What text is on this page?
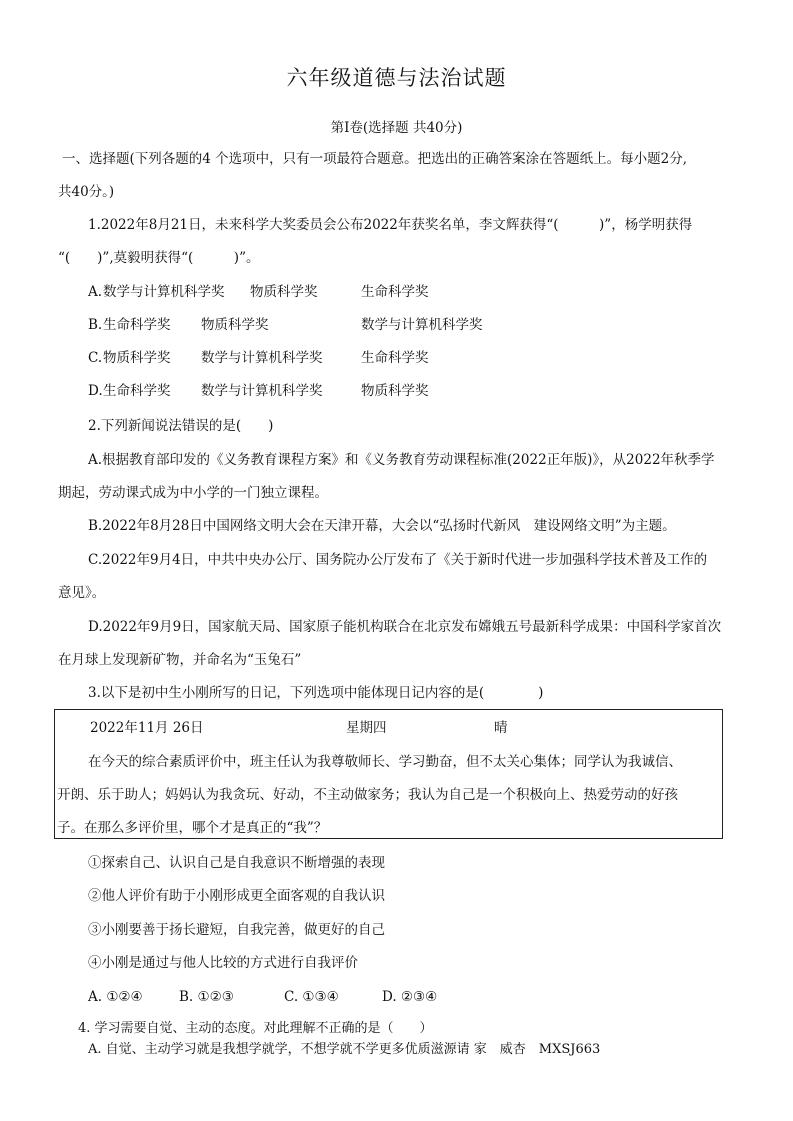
六年级道德与法治试题
第Ⅰ卷(选择题 共40分)
一、选择题(下列各题的4 个选项中，只有一项最符合题意。把选出的正确答案涂在答题纸上。每小题2分,
共40分。)
1.2022年8月21日，未来科学大奖委员会公布2022年获奖名单，李文辉获得“(　　　)”，杨学明获得
“(　　)”,莫毅明获得“(　　　)”。
A. 数学与计算机科学奖 物质科学奖	生命科学奖
B. 生命科学奖 物质科学奖	数学与计算机科学奖
C. 物质科学奖 数学与计算机科学奖	生命科学奖
D. 生命科学奖 数学与计算机科学奖	物质科学奖
2.下列新闻说法错误的是(　　)
A.根据教育部印发的《义务教育课程方案》和《义务教育劳动课程标准(2022正年版)》，从2022年秋季学
期起，劳动课式成为中小学的一门独立课程。
B.2022年8月28日中国网络文明大会在天津开幕，大会以“弘扬时代新风　建设网络文明”为主题。
C.2022年9月4日，中共中央办公厅、国务院办公厅发布了《关于新时代进一步加强科学技术普及工作的
意见》。
D.2022年9月9日，国家航天局、国家原子能机构联合在北京发布嫦娥五号最新科学成果：中国科学家首次
在月球上发现新矿物，并命名为“玉兔石”
3.以下是初中生小刚所写的日记，下列选项中能体现日记内容的是(　　　　)
2022年11月 26日	星期四	晴
在今天的综合素质评价中，班主任认为我尊敬师长、学习勤奋，但不太关心集体；同学认为我诚信、
开朗、乐于助人；妈妈认为我贪玩、好动，不主动做家务；我认为自己是一个积极向上、热爱劳动的好孩
子。在那么多评价里，哪个才是真正的“我”？
①探索自己、认识自己是自我意识不断增强的表现
②他人评价有助于小刚形成更全面客观的自我认识
③小刚要善于扬长避短，自我完善，做更好的自己
④小刚是通过与他人比较的方式进行自我评价
A. ①②④	B. ①②③	C. ①③④	D. ②③④
4. 学习需要自觉、主动的态度。对此理解不正确的是（　　）
A. 自觉、主动学习就是我想学就学，不想学就不学更多优质滋源请 家　威杏　MXSJ663
